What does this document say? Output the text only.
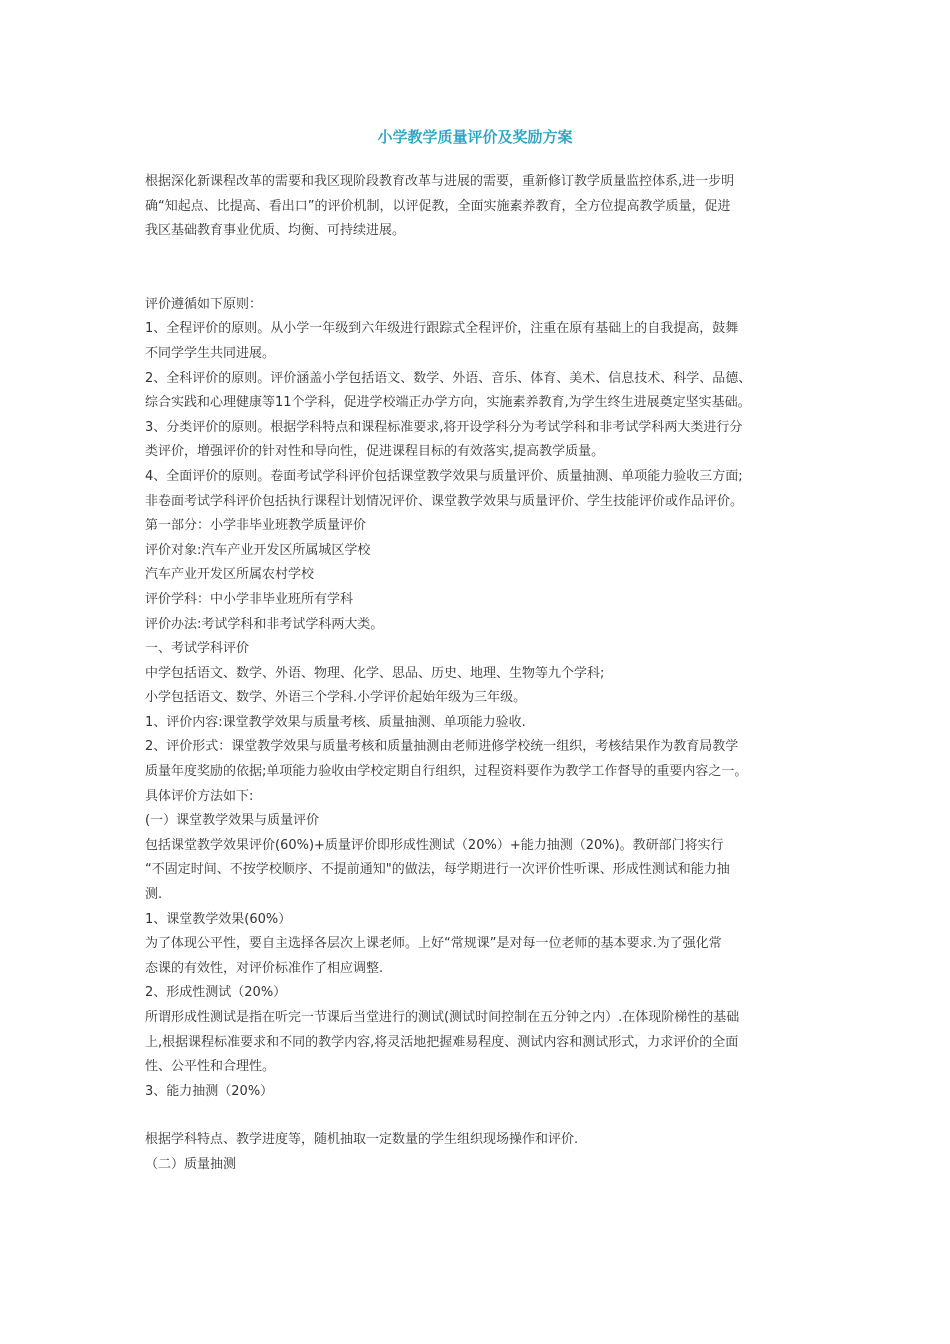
小学教学质量评价及奖励方案

根据深化新课程改革的需要和我区现阶段教育改革与进展的需要，重新修订教学质量监控体系,进一步明

确“知起点、比提高、看出口”的评价机制，以评促教，全面实施素养教育，全方位提高教学质量，促进

我区基础教育事业优质、均衡、可持续进展。

评价遵循如下原则：

1、全程评价的原则。从小学一年级到六年级进行跟踪式全程评价，注重在原有基础上的自我提高，鼓舞

不同学学生共同进展。

2、全科评价的原则。评价涵盖小学包括语文、数学、外语、音乐、体育、美术、信息技术、科学、品德、

综合实践和心理健康等11个学科，促进学校端正办学方向，实施素养教育,为学生终生进展奠定坚实基础。

3、分类评价的原则。根据学科特点和课程标准要求,将开设学科分为考试学科和非考试学科两大类进行分

类评价，增强评价的针对性和导向性，促进课程目标的有效落实,提高教学质量。

4、全面评价的原则。卷面考试学科评价包括课堂教学效果与质量评价、质量抽测、单项能力验收三方面;

非卷面考试学科评价包括执行课程计划情况评价、课堂教学效果与质量评价、学生技能评价或作品评价。

第一部分：小学非毕业班教学质量评价

评价对象:汽车产业开发区所属城区学校

汽车产业开发区所属农村学校

评价学科：中小学非毕业班所有学科

评价办法:考试学科和非考试学科两大类。

一、考试学科评价

中学包括语文、数学、外语、物理、化学、思品、历史、地理、生物等九个学科;

小学包括语文、数学、外语三个学科.小学评价起始年级为三年级。

1、评价内容:课堂教学效果与质量考核、质量抽测、单项能力验收.

2、评价形式：课堂教学效果与质量考核和质量抽测由老师进修学校统一组织，考核结果作为教育局教学

质量年度奖励的依据;单项能力验收由学校定期自行组织，过程资料要作为教学工作督导的重要内容之一。

具体评价方法如下:

(一）课堂教学效果与质量评价

包括课堂教学效果评价(60%)+质量评价即形成性测试（20%）+能力抽测（20%)。教研部门将实行

“不固定时间、不按学校顺序、不提前通知"的做法，每学期进行一次评价性听课、形成性测试和能力抽

测.

1、课堂教学效果(60%）

为了体现公平性，要自主选择各层次上课老师。上好“常规课”是对每一位老师的基本要求.为了强化常

态课的有效性，对评价标准作了相应调整.

2、形成性测试（20%）

所谓形成性测试是指在听完一节课后当堂进行的测试(测试时间控制在五分钟之内）.在体现阶梯性的基础

上,根据课程标准要求和不同的教学内容,将灵活地把握难易程度、测试内容和测试形式，力求评价的全面

性、公平性和合理性。

3、能力抽测（20%）

根据学科特点、教学进度等，随机抽取一定数量的学生组织现场操作和评价.

（二）质量抽测
